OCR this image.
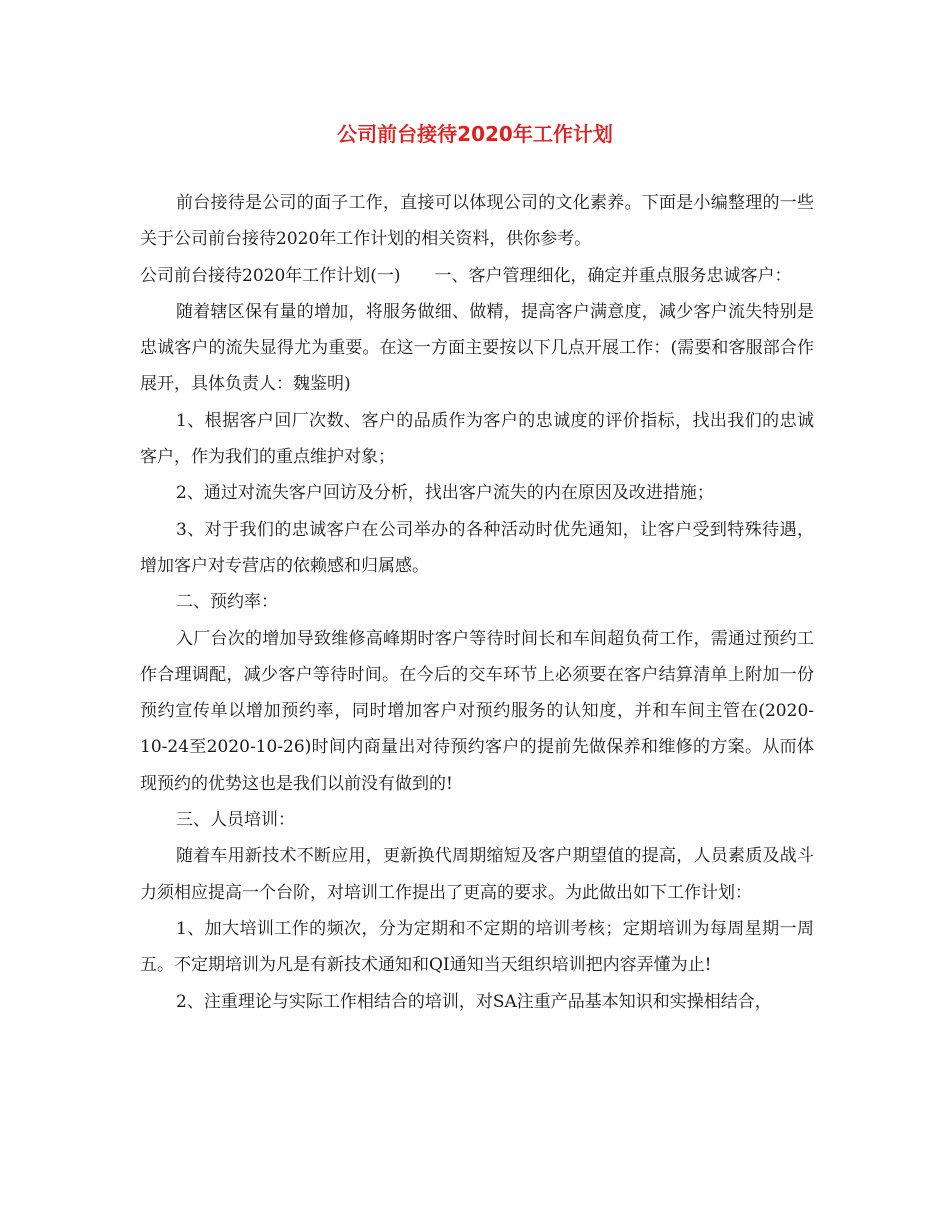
公司前台接待2020年工作计划

前台接待是公司的面子工作，直接可以体现公司的文化素养。下面是小编整理的一些关于公司前台接待2020年工作计划的相关资料，供你参考。

公司前台接待2020年工作计划(一)　　一、客户管理细化，确定并重点服务忠诚客户：

随着辖区保有量的增加，将服务做细、做精，提高客户满意度，减少客户流失特别是忠诚客户的流失显得尤为重要。在这一方面主要按以下几点开展工作：(需要和客服部合作展开，具体负责人：魏鉴明)

1、根据客户回厂次数、客户的品质作为客户的忠诚度的评价指标，找出我们的忠诚客户，作为我们的重点维护对象；

2、通过对流失客户回访及分析，找出客户流失的内在原因及改进措施；

3、对于我们的忠诚客户在公司举办的各种活动时优先通知，让客户受到特殊待遇，增加客户对专营店的依赖感和归属感。

二、预约率：

入厂台次的增加导致维修高峰期时客户等待时间长和车间超负荷工作，需通过预约工作合理调配，减少客户等待时间。在今后的交车环节上必须要在客户结算清单上附加一份预约宣传单以增加预约率，同时增加客户对预约服务的认知度，并和车间主管在(2020-10-24至2020-10-26)时间内商量出对待预约客户的提前先做保养和维修的方案。从而体现预约的优势这也是我们以前没有做到的!

三、人员培训：

随着车用新技术不断应用，更新换代周期缩短及客户期望值的提高，人员素质及战斗力须相应提高一个台阶，对培训工作提出了更高的要求。为此做出如下工作计划：

1、加大培训工作的频次，分为定期和不定期的培训考核；定期培训为每周星期一周五。不定期培训为凡是有新技术通知和QI通知当天组织培训把内容弄懂为止!

2、注重理论与实际工作相结合的培训，对SA注重产品基本知识和实操相结合，
